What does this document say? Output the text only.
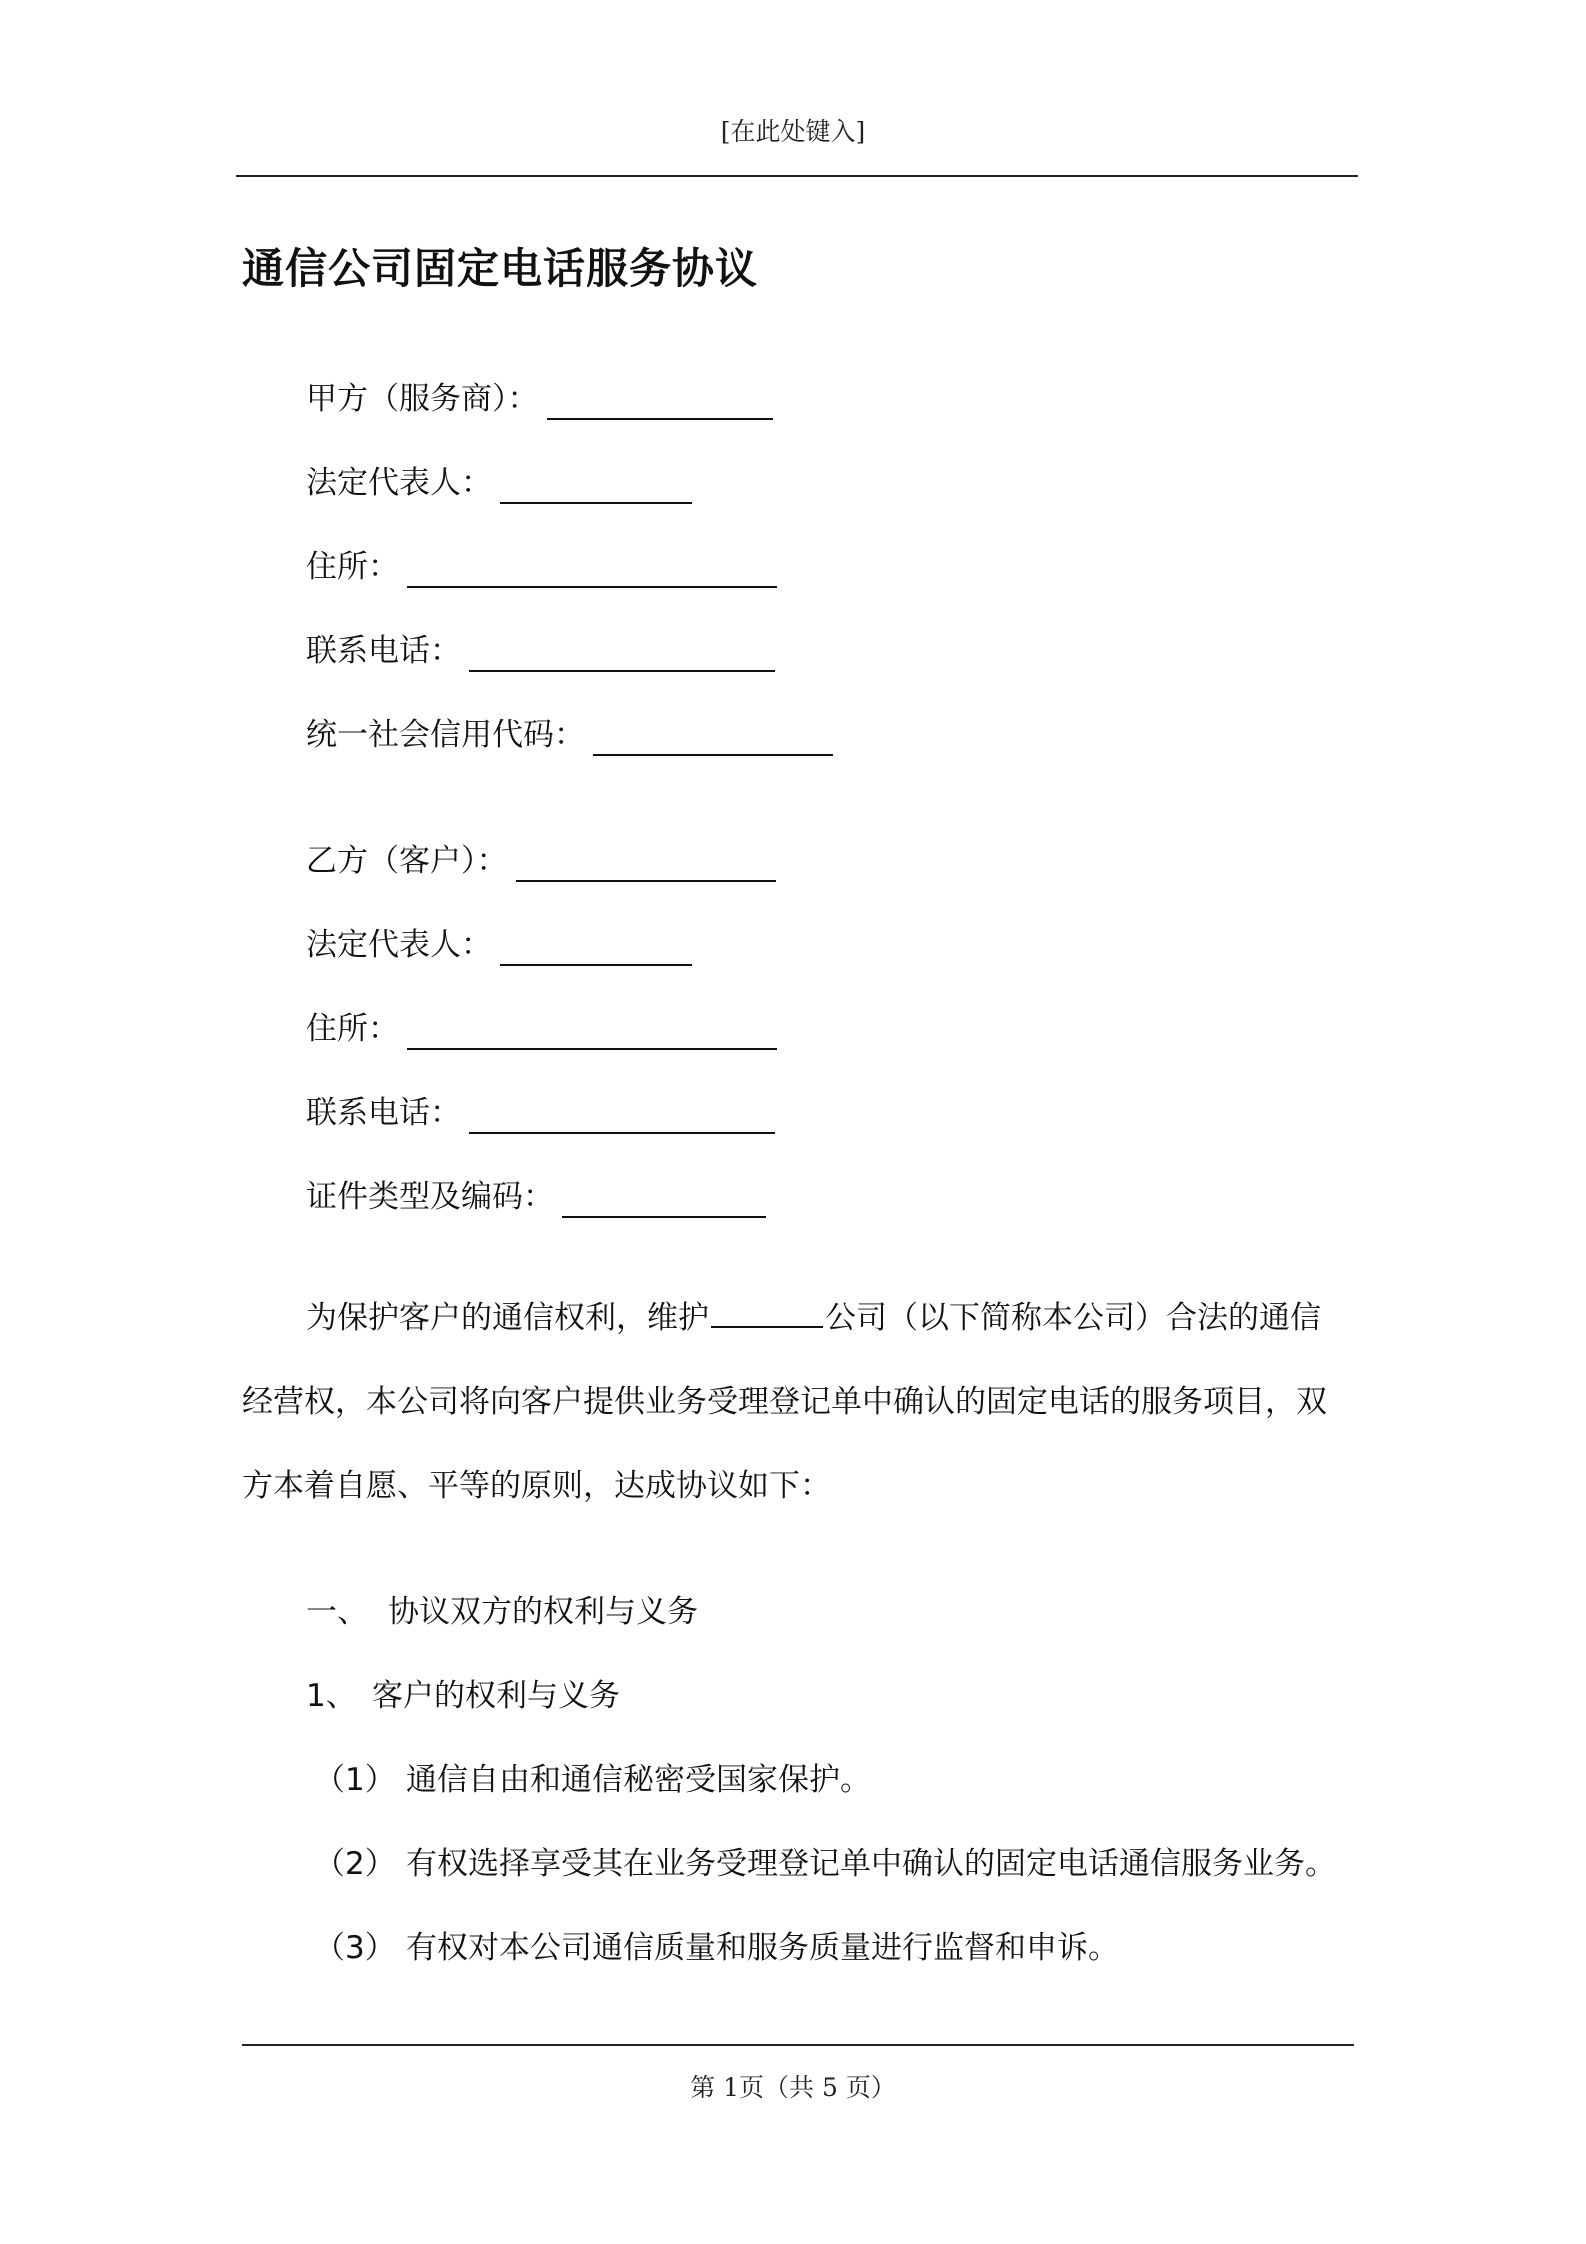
[在此处键入]
通信公司固定电话服务协议
甲方（服务商）：
法定代表人：
住所：
联系电话：
统一社会信用代码：
乙方（客户）：
法定代表人：
住所：
联系电话：
证件类型及编码：
为保护客户的通信权利，维护	公司（以下简称本公司）合法的通信
经营权，本公司将向客户提供业务受理登记单中确认的固定电话的服务项目，双
方本着自愿、平等的原则，达成协议如下：
一、 协议双方的权利与义务
1、 客户的权利与义务
（1） 通信自由和通信秘密受国家保护。
（2） 有权选择享受其在业务受理登记单中确认的固定电话通信服务业务。
（3） 有权对本公司通信质量和服务质量进行监督和申诉。
第 1页（共 5 页）
